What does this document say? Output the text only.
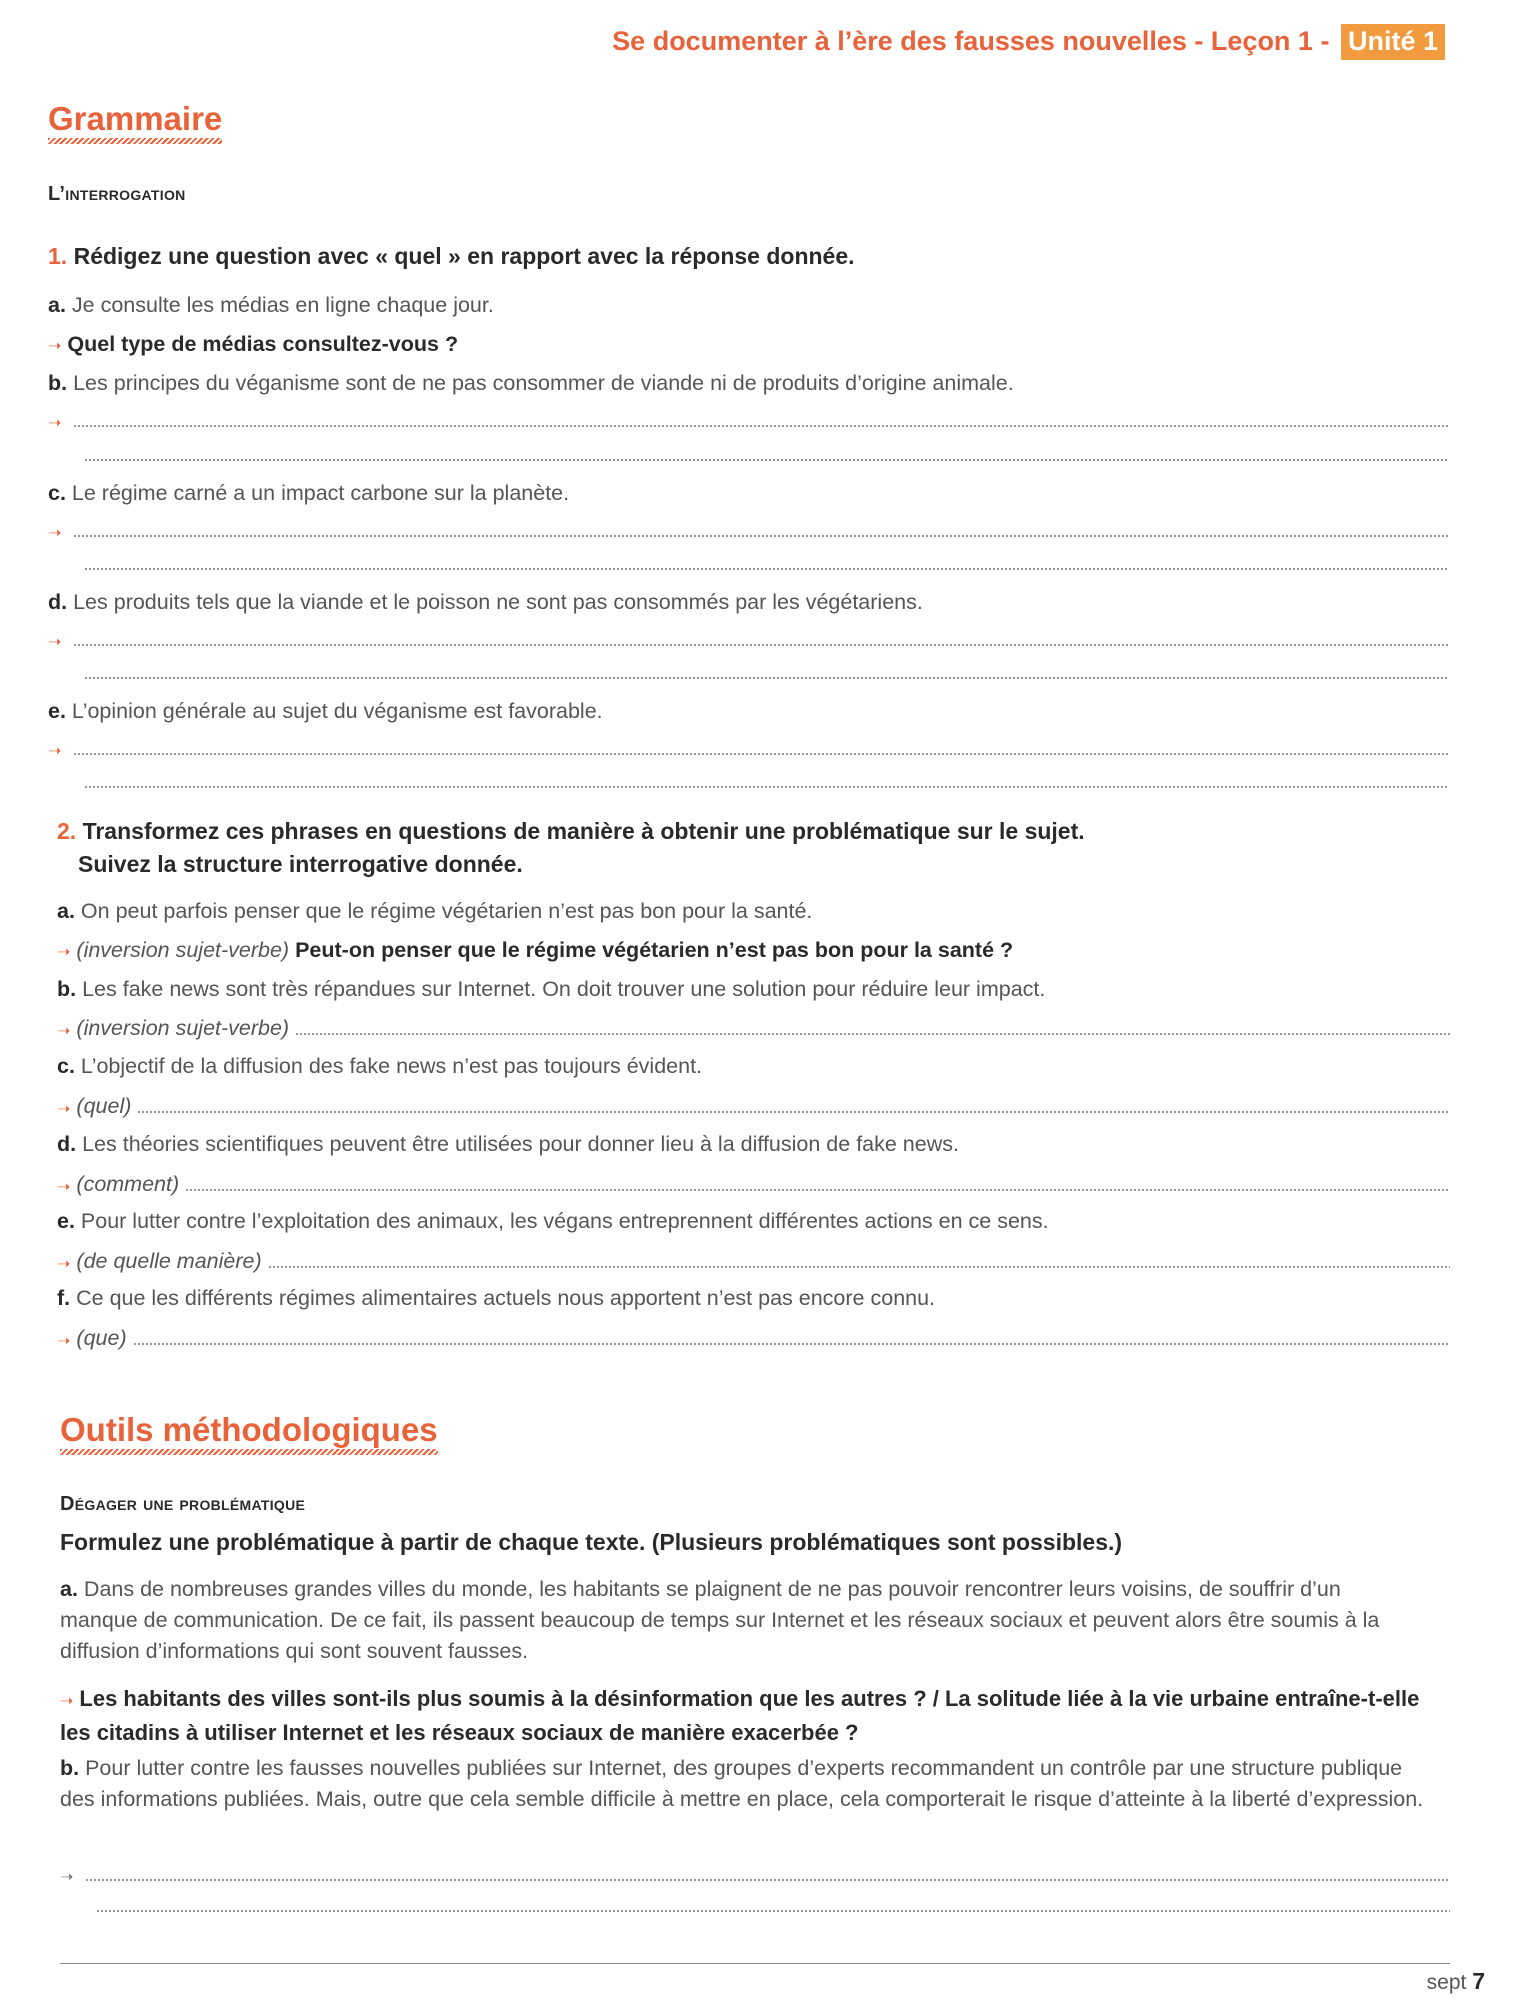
Se documenter à l’ère des fausses nouvelles - Leçon 1 - Unité 1
Grammaire
L’interrogation
1. Rédigez une question avec « quel » en rapport avec la réponse donnée.
a. Je consulte les médias en ligne chaque jour.
➝ Quel type de médias consultez-vous ?
b. Les principes du véganisme sont de ne pas consommer de viande ni de produits d’origine animale.
➝
c. Le régime carné a un impact carbone sur la planète.
➝
d. Les produits tels que la viande et le poisson ne sont pas consommés par les végétariens.
➝
e. L’opinion générale au sujet du véganisme est favorable.
➝
2. Transformez ces phrases en questions de manière à obtenir une problématique sur le sujet.
Suivez la structure interrogative donnée.
a. On peut parfois penser que le régime végétarien n’est pas bon pour la santé.
➝ (inversion sujet-verbe) Peut-on penser que le régime végétarien n’est pas bon pour la santé ?
b. Les fake news sont très répandues sur Internet. On doit trouver une solution pour réduire leur impact.
➝ (inversion sujet-verbe)
c. L’objectif de la diffusion des fake news n’est pas toujours évident.
➝ (quel)
d. Les théories scientifiques peuvent être utilisées pour donner lieu à la diffusion de fake news.
➝ (comment)
e. Pour lutter contre l’exploitation des animaux, les végans entreprennent différentes actions en ce sens.
➝ (de quelle manière)
f. Ce que les différents régimes alimentaires actuels nous apportent n’est pas encore connu.
➝ (que)
Outils méthodologiques
Dégager une problématique
Formulez une problématique à partir de chaque texte. (Plusieurs problématiques sont possibles.)
a. Dans de nombreuses grandes villes du monde, les habitants se plaignent de ne pas pouvoir rencontrer leurs voisins, de souffrir d’un manque de communication. De ce fait, ils passent beaucoup de temps sur Internet et les réseaux sociaux et peuvent alors être soumis à la diffusion d’informations qui sont souvent fausses.
➝ Les habitants des villes sont-ils plus soumis à la désinformation que les autres ? / La solitude liée à la vie urbaine entraîne-t-elle les citadins à utiliser Internet et les réseaux sociaux de manière exacerbée ?
b. Pour lutter contre les fausses nouvelles publiées sur Internet, des groupes d’experts recommandent un contrôle par une structure publique des informations publiées. Mais, outre que cela semble difficile à mettre en place, cela comporterait le risque d’atteinte à la liberté d’expression.
➝
sept 7
